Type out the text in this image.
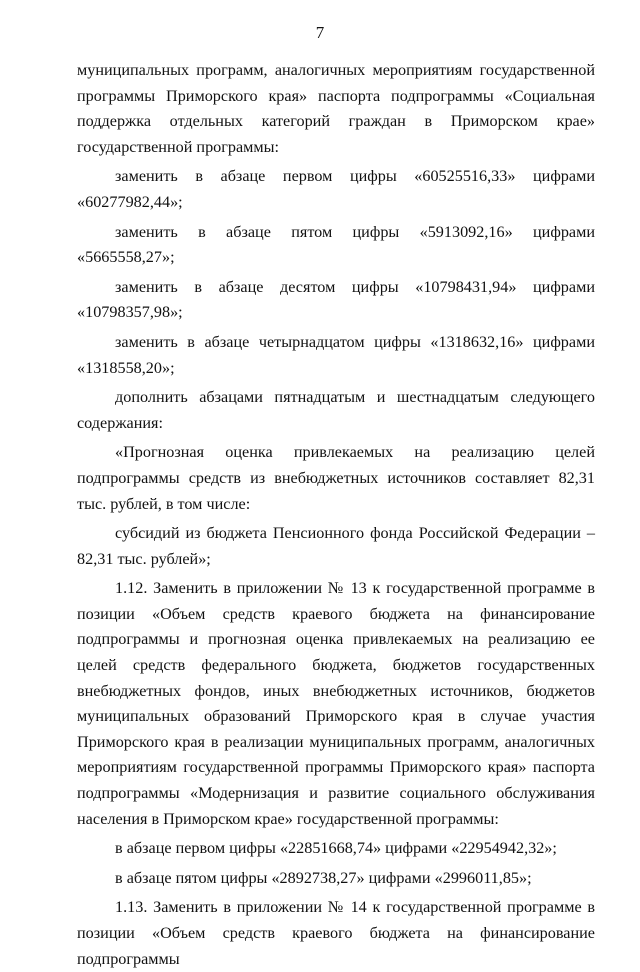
7

муниципальных программ, аналогичных мероприятиям государственной программы Приморского края» паспорта подпрограммы «Социальная поддержка отдельных категорий граждан в Приморском крае» государственной программы:

заменить в абзаце первом цифры «60525516,33» цифрами «60277982,44»;

заменить в абзаце пятом цифры «5913092,16» цифрами «5665558,27»;

заменить в абзаце десятом цифры «10798431,94» цифрами «10798357,98»;

заменить в абзаце четырнадцатом цифры «1318632,16» цифрами «1318558,20»;

дополнить абзацами пятнадцатым и шестнадцатым следующего содержания:

«Прогнозная оценка привлекаемых на реализацию целей подпрограммы средств из внебюджетных источников составляет 82,31 тыс. рублей, в том числе:

субсидий из бюджета Пенсионного фонда Российской Федерации – 82,31 тыс. рублей»;

1.12. Заменить в приложении № 13 к государственной программе в позиции «Объем средств краевого бюджета на финансирование подпрограммы и прогнозная оценка привлекаемых на реализацию ее целей средств федерального бюджета, бюджетов государственных внебюджетных фондов, иных внебюджетных источников, бюджетов муниципальных образований Приморского края в случае участия Приморского края в реализации муниципальных программ, аналогичных мероприятиям государственной программы Приморского края» паспорта подпрограммы «Модернизация и развитие социального обслуживания населения в Приморском крае» государственной программы:

в абзаце первом цифры «22851668,74» цифрами «22954942,32»;

в абзаце пятом цифры «2892738,27» цифрами «2996011,85»;

1.13. Заменить в приложении № 14 к государственной программе в позиции «Объем средств краевого бюджета на финансирование подпрограммы
